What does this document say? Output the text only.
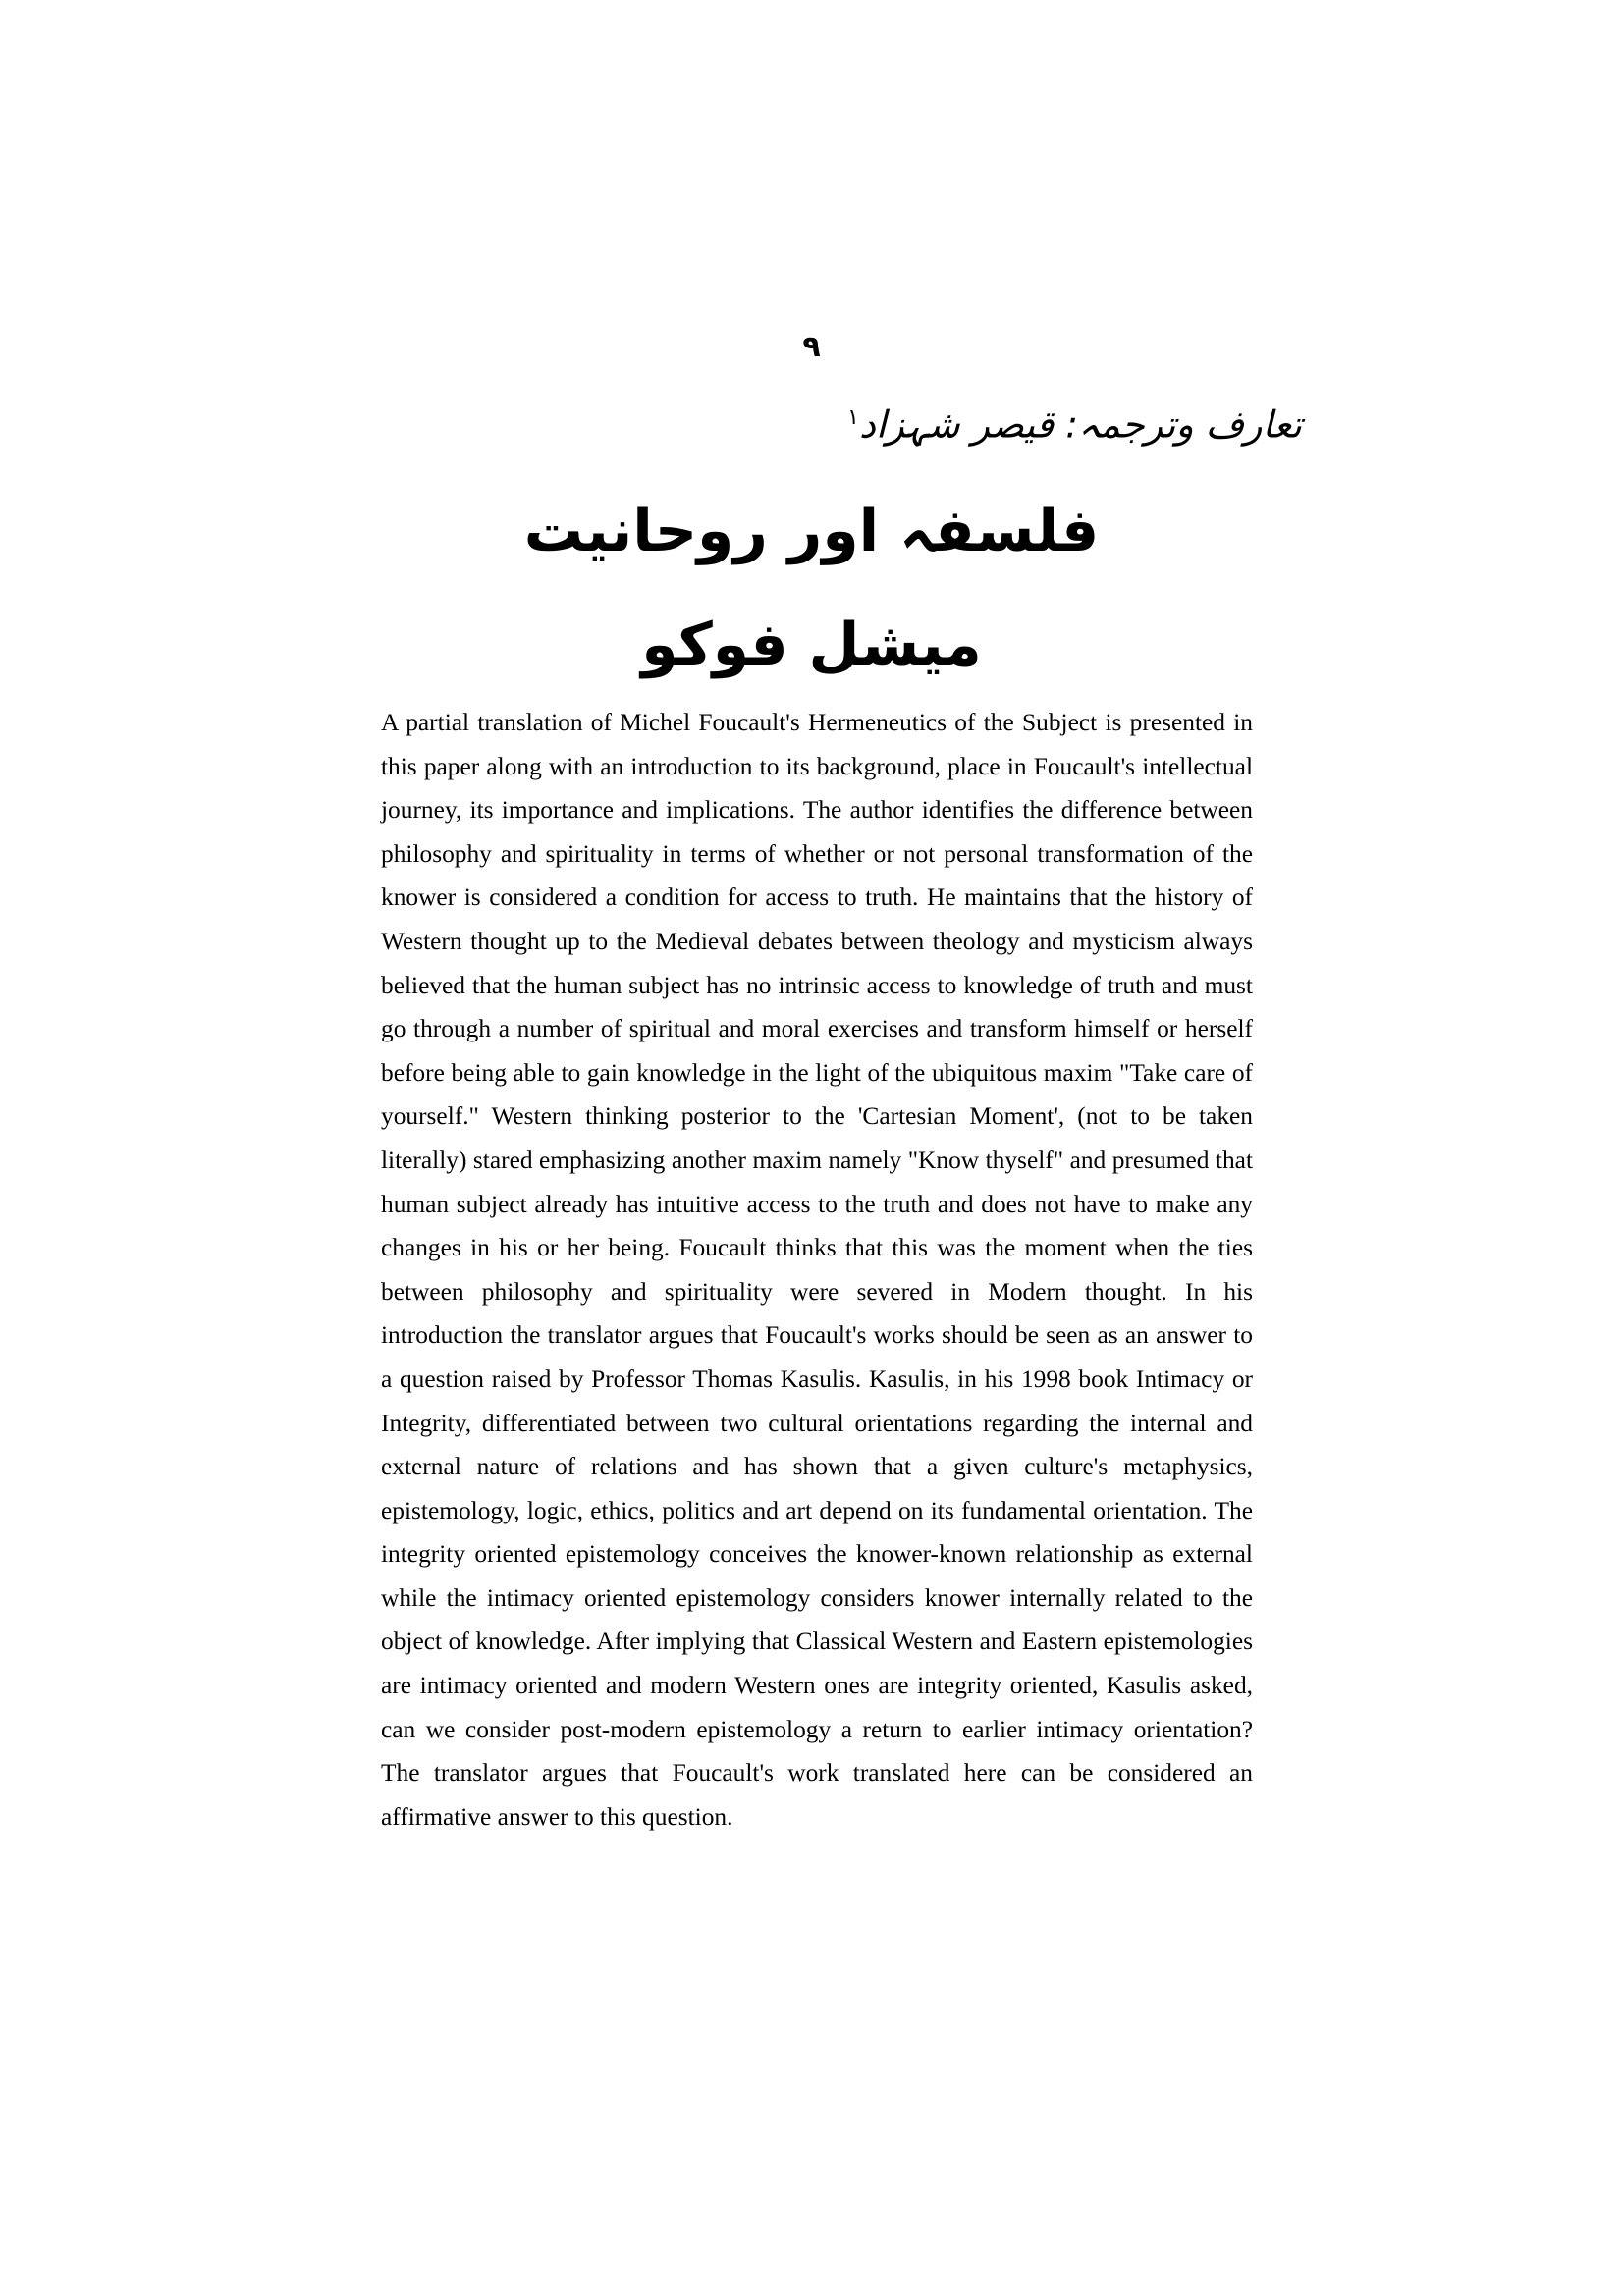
۹
تعارف وترجمہ: قیصر شہزاد$^۱$
فلسفہ اور روحانیت
میشل فوکو

A partial translation of Michel Foucault's Hermeneutics of the Subject is presented in this paper along with an introduction to its background, place in Foucault's intellectual journey, its importance and implications. The author identifies the difference between philosophy and spirituality in terms of whether or not personal transformation of the knower is considered a condition for access to truth. He maintains that the history of Western thought up to the Medieval debates between theology and mysticism always believed that the human subject has no intrinsic access to knowledge of truth and must go through a number of spiritual and moral exercises and transform himself or herself before being able to gain knowledge in the light of the ubiquitous maxim "Take care of yourself." Western thinking posterior to the 'Cartesian Moment', (not to be taken literally) stared emphasizing another maxim namely "Know thyself" and presumed that human subject already has intuitive access to the truth and does not have to make any changes in his or her being. Foucault thinks that this was the moment when the ties between philosophy and spirituality were severed in Modern thought. In his introduction the translator argues that Foucault's works should be seen as an answer to a question raised by Professor Thomas Kasulis. Kasulis, in his 1998 book Intimacy or Integrity, differentiated between two cultural orientations regarding the internal and external nature of relations and has shown that a given culture's metaphysics, epistemology, logic, ethics, politics and art depend on its fundamental orientation. The integrity oriented epistemology conceives the knower-known relationship as external while the intimacy oriented epistemology considers knower internally related to the object of knowledge. After implying that Classical Western and Eastern epistemologies are intimacy oriented and modern Western ones are integrity oriented, Kasulis asked, can we consider post-modern epistemology a return to earlier intimacy orientation? The translator argues that Foucault's work translated here can be considered an affirmative answer to this question.
